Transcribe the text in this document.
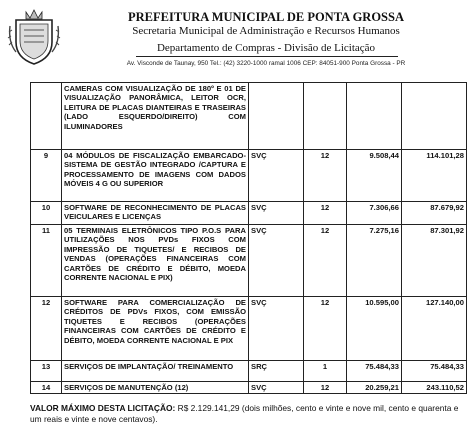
PREFEITURA MUNICIPAL DE PONTA GROSSA
Secretaria Municipal de Administração e Recursos Humanos
Departamento de Compras - Divisão de Licitação
Av. Visconde de Taunay, 950 Tel.: (42) 3220-1000 ramal 1006 CEP: 84051-900 Ponta Grossa - PR
	CAMERAS COM VISUALIZAÇÃO DE 180º E 01 DE VISUALIZAÇÃO PANORÂMICA, LEITOR OCR, LEITURA DE PLACAS DIANTEIRAS E TRASEIRAS (LADO ESQUERDO/DIREITO) COM ILUMINADORES				
9	04 MÓDULOS DE FISCALIZAÇÃO EMBARCADO-SISTEMA DE GESTÃO INTEGRADO /CAPTURA E PROCESSAMENTO DE IMAGENS COM DADOS MÓVEIS 4 G OU SUPERIOR	SVÇ	12	9.508,44	114.101,28
10	SOFTWARE DE RECONHECIMENTO DE PLACAS VEICULARES E LICENÇAS	SVÇ	12	7.306,66	87.679,92
11	05 TERMINAIS ELETRÔNICOS TIPO P.O.S PARA UTILIZAÇÕES NOS PVDs FIXOS COM IMPRESSÃO DE TIQUETES/ E RECIBOS DE VENDAS (OPERAÇÕES FINANCEIRAS COM CARTÕES DE CRÉDITO E DÉBITO, MOEDA CORRENTE NACIONAL E PIX)	SVÇ	12	7.275,16	87.301,92
12	SOFTWARE PARA COMERCIALIZAÇÃO DE CRÉDITOS DE PDVs FIXOS, COM EMISSÃO TIQUETES E RECIBOS (OPERAÇÕES FINANCEIRAS COM CARTÕES DE CRÉDITO E DÉBITO, MOEDA CORRENTE NACIONAL E PIX	SVÇ	12	10.595,00	127.140,00
13	SERVIÇOS DE IMPLANTAÇÃO/ TREINAMENTO	SRÇ	1	75.484,33	75.484,33
14	SERVIÇOS DE MANUTENÇÃO (12)	SVÇ	12	20.259,21	243.110,52
VALOR MÁXIMO DESTA LICITAÇÃO: R$ 2.129.141,29 (dois milhões, cento e vinte e nove mil, cento e quarenta e um reais e vinte e nove centavos).
